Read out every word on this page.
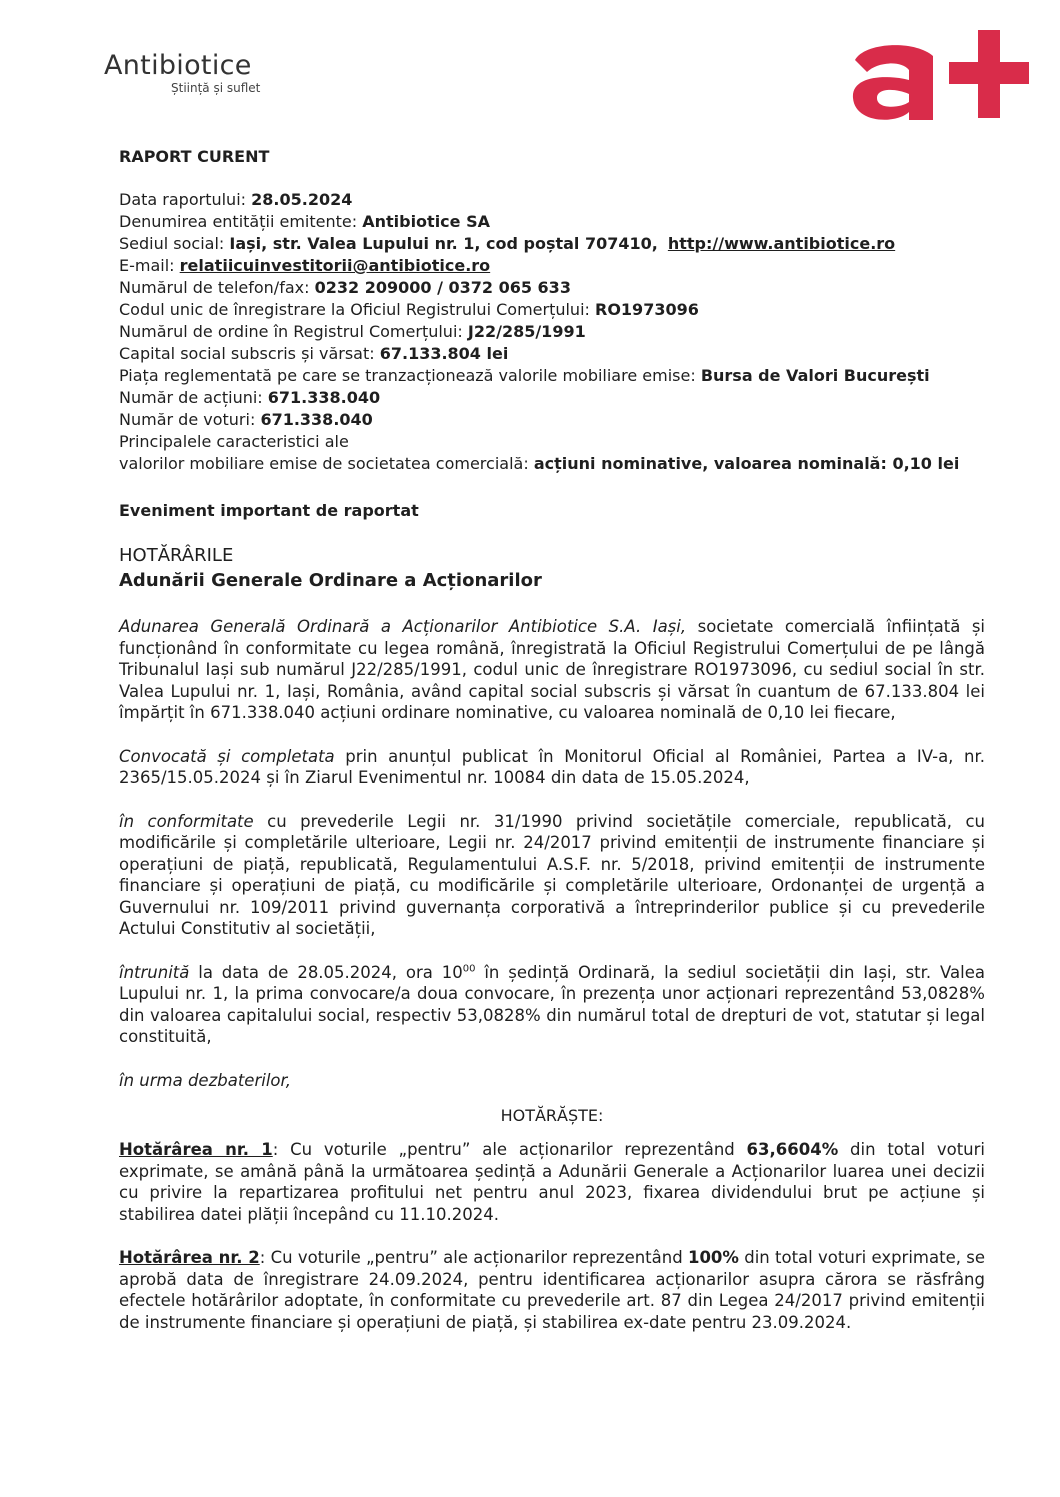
Antibiotice
Știință și suflet

RAPORT CURENT

Data raportului: 28.05.2024

Denumirea entității emitente: Antibiotice SA

Sediul social: Iași, str. Valea Lupului nr. 1, cod poștal 707410, http://www.antibiotice.ro

E-mail: relatiicuinvestitorii@antibiotice.ro

Numărul de telefon/fax: 0232 209000 / 0372 065 633

Codul unic de înregistrare la Oficiul Registrului Comerțului: RO1973096

Numărul de ordine în Registrul Comerțului: J22/285/1991

Capital social subscris și vărsat: 67.133.804 lei

Piața reglementată pe care se tranzacționează valorile mobiliare emise: Bursa de Valori București

Număr de acțiuni: 671.338.040

Număr de voturi: 671.338.040

Principalele caracteristici ale

valorilor mobiliare emise de societatea comercială: acțiuni nominative, valoarea nominală: 0,10 lei

Eveniment important de raportat

HOTĂRÂRILE

Adunării Generale Ordinare a Acționarilor

Adunarea Generală Ordinară a Acționarilor Antibiotice S.A. Iași, societate comercială înființată și funcționând în conformitate cu legea română, înregistrată la Oficiul Registrului Comerțului de pe lângă Tribunalul Iași sub numărul J22/285/1991, codul unic de înregistrare RO1973096, cu sediul social în str. Valea Lupului nr. 1, Iași, România, având capital social subscris și vărsat în cuantum de 67.133.804 lei împărțit în 671.338.040 acțiuni ordinare nominative, cu valoarea nominală de 0,10 lei fiecare,

Convocată și completata prin anunțul publicat în Monitorul Oficial al României, Partea a IV-a, nr. 2365/15.05.2024 și în Ziarul Evenimentul nr. 10084 din data de 15.05.2024,

în conformitate cu prevederile Legii nr. 31/1990 privind societățile comerciale, republicată, cu modificările și completările ulterioare, Legii nr. 24/2017 privind emitenții de instrumente financiare și operațiuni de piață, republicată, Regulamentului A.S.F. nr. 5/2018, privind emitenții de instrumente financiare și operațiuni de piață, cu modificările și completările ulterioare, Ordonanței de urgență a Guvernului nr. 109/2011 privind guvernanța corporativă a întreprinderilor publice și cu prevederile Actului Constitutiv al societății,

întrunită la data de 28.05.2024, ora $10^{00}$ în ședință Ordinară, la sediul societății din Iași, str. Valea Lupului nr. 1, la prima convocare/a doua convocare, în prezența unor acționari reprezentând 53,0828% din valoarea capitalului social, respectiv 53,0828% din numărul total de drepturi de vot, statutar și legal constituită,

în urma dezbaterilor,

HOTĂRĂȘTE:

Hotărârea nr. 1: Cu voturile „pentru” ale acționarilor reprezentând 63,6604% din total voturi exprimate, se amână până la următoarea ședință a Adunării Generale a Acționarilor luarea unei decizii cu privire la repartizarea profitului net pentru anul 2023, fixarea dividendului brut pe acțiune și stabilirea datei plății începând cu 11.10.2024.

Hotărârea nr. 2: Cu voturile „pentru” ale acționarilor reprezentând 100% din total voturi exprimate, se aprobă data de înregistrare 24.09.2024, pentru identificarea acționarilor asupra cărora se răsfrâng efectele hotărârilor adoptate, în conformitate cu prevederile art. 87 din Legea 24/2017 privind emitenții de instrumente financiare și operațiuni de piață, și stabilirea ex-date pentru 23.09.2024.
